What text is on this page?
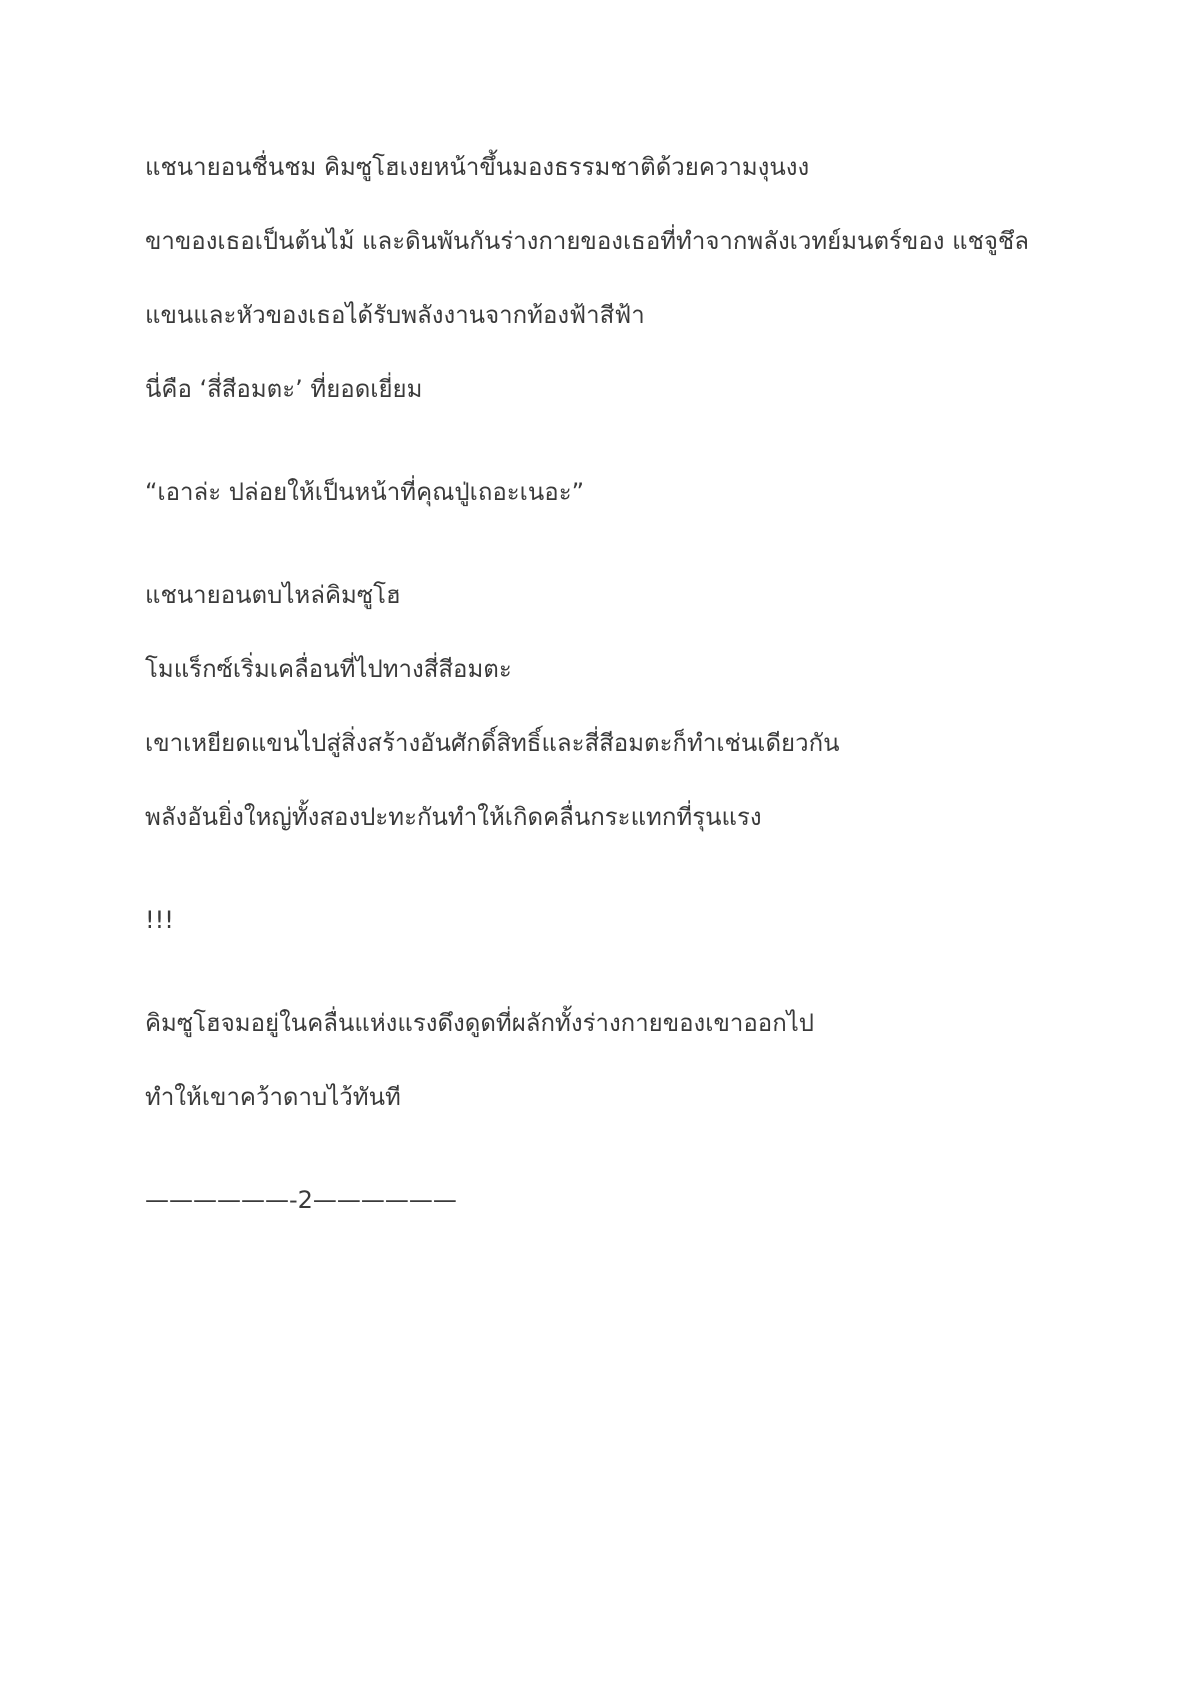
แชนายอนชื่นชม คิมซูโฮเงยหน้าขึ้นมองธรรมชาติด้วยความงุนงง
ขาของเธอเป็นต้นไม้ และดินพันกันร่างกายของเธอที่ทำจากพลังเวทย์มนตร์ของ แชจูชึล
แขนและหัวของเธอได้รับพลังงานจากท้องฟ้าสีฟ้า
นี่คือ ‘สี่สีอมตะ’ ที่ยอดเยี่ยม
“เอาล่ะ ปล่อยให้เป็นหน้าที่คุณปู่เถอะเนอะ”
แชนายอนตบไหล่คิมซูโฮ
โมแร็กซ์เริ่มเคลื่อนที่ไปทางสี่สีอมตะ
เขาเหยียดแขนไปสู่สิ่งสร้างอันศักดิ์สิทธิ์และสี่สีอมตะก็ทำเช่นเดียวกัน
พลังอันยิ่งใหญ่ทั้งสองปะทะกันทำให้เกิดคลื่นกระแทกที่รุนแรง
!!!
คิมซูโฮจมอยู่ในคลื่นแห่งแรงดึงดูดที่ผลักทั้งร่างกายของเขาออกไป
ทำให้เขาคว้าดาบไว้ทันที
——————-2——————
